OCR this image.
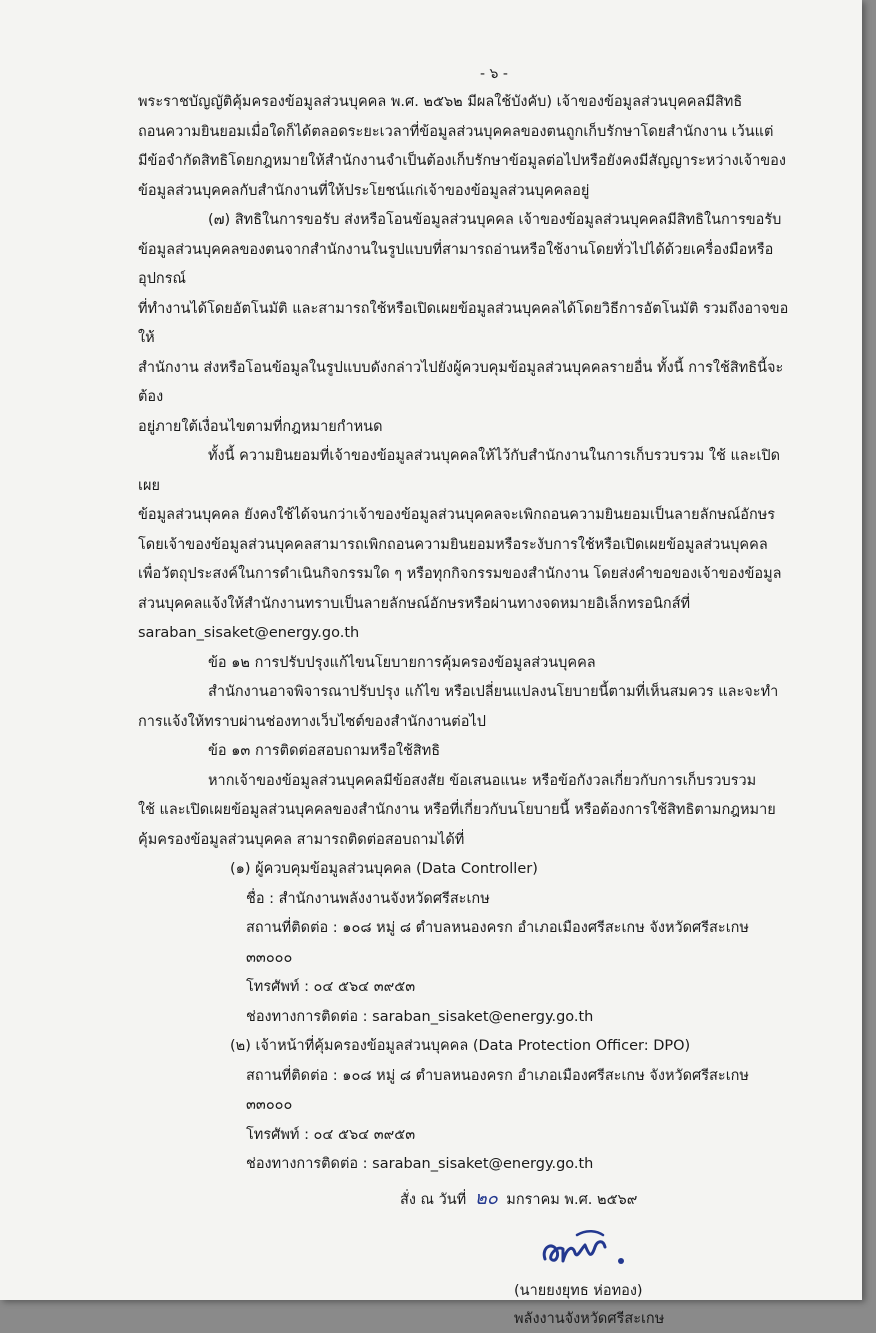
- ๖ -

พระราชบัญญัติคุ้มครองข้อมูลส่วนบุคคล พ.ศ. ๒๕๖๒ มีผลใช้บังคับ) เจ้าของข้อมูลส่วนบุคคลมีสิทธิ

ถอนความยินยอมเมื่อใดก็ได้ตลอดระยะเวลาที่ข้อมูลส่วนบุคคลของตนถูกเก็บรักษาโดยสำนักงาน เว้นแต่

มีข้อจำกัดสิทธิโดยกฎหมายให้สำนักงานจำเป็นต้องเก็บรักษาข้อมูลต่อไปหรือยังคงมีสัญญาระหว่างเจ้าของ

ข้อมูลส่วนบุคคลกับสำนักงานที่ให้ประโยชน์แก่เจ้าของข้อมูลส่วนบุคคลอยู่

(๗) สิทธิในการขอรับ ส่งหรือโอนข้อมูลส่วนบุคคล เจ้าของข้อมูลส่วนบุคคลมีสิทธิในการขอรับ

ข้อมูลส่วนบุคคลของตนจากสำนักงานในรูปแบบที่สามารถอ่านหรือใช้งานโดยทั่วไปได้ด้วยเครื่องมือหรืออุปกรณ์

ที่ทำงานได้โดยอัตโนมัติ และสามารถใช้หรือเปิดเผยข้อมูลส่วนบุคคลได้โดยวิธีการอัตโนมัติ รวมถึงอาจขอให้

สำนักงาน ส่งหรือโอนข้อมูลในรูปแบบดังกล่าวไปยังผู้ควบคุมข้อมูลส่วนบุคคลรายอื่น ทั้งนี้ การใช้สิทธินี้จะต้อง

อยู่ภายใต้เงื่อนไขตามที่กฎหมายกำหนด

ทั้งนี้ ความยินยอมที่เจ้าของข้อมูลส่วนบุคคลให้ไว้กับสำนักงานในการเก็บรวบรวม ใช้ และเปิดเผย

ข้อมูลส่วนบุคคล ยังคงใช้ได้จนกว่าเจ้าของข้อมูลส่วนบุคคลจะเพิกถอนความยินยอมเป็นลายลักษณ์อักษร

โดยเจ้าของข้อมูลส่วนบุคคลสามารถเพิกถอนความยินยอมหรือระงับการใช้หรือเปิดเผยข้อมูลส่วนบุคคล

เพื่อวัตถุประสงค์ในการดำเนินกิจกรรมใด ๆ หรือทุกกิจกรรมของสำนักงาน โดยส่งคำขอของเจ้าของข้อมูล

ส่วนบุคคลแจ้งให้สำนักงานทราบเป็นลายลักษณ์อักษรหรือผ่านทางจดหมายอิเล็กทรอนิกส์ที่

saraban_sisaket@energy.go.th

ข้อ ๑๒ การปรับปรุงแก้ไขนโยบายการคุ้มครองข้อมูลส่วนบุคคล

สำนักงานอาจพิจารณาปรับปรุง แก้ไข หรือเปลี่ยนแปลงนโยบายนี้ตามที่เห็นสมควร และจะทำ

การแจ้งให้ทราบผ่านช่องทางเว็บไซต์ของสำนักงานต่อไป

ข้อ ๑๓ การติดต่อสอบถามหรือใช้สิทธิ

หากเจ้าของข้อมูลส่วนบุคคลมีข้อสงสัย ข้อเสนอแนะ หรือข้อกังวลเกี่ยวกับการเก็บรวบรวม

ใช้ และเปิดเผยข้อมูลส่วนบุคคลของสำนักงาน หรือที่เกี่ยวกับนโยบายนี้ หรือต้องการใช้สิทธิตามกฎหมาย

คุ้มครองข้อมูลส่วนบุคคล สามารถติดต่อสอบถามได้ที่

(๑) ผู้ควบคุมข้อมูลส่วนบุคคล (Data Controller)

ชื่อ : สำนักงานพลังงานจังหวัดศรีสะเกษ

สถานที่ติดต่อ : ๑๐๘ หมู่ ๘ ตำบลหนองครก อำเภอเมืองศรีสะเกษ จังหวัดศรีสะเกษ ๓๓๐๐๐

โทรศัพท์ : ๐๔ ๕๖๔ ๓๙๕๓

ช่องทางการติดต่อ : saraban_sisaket@energy.go.th

(๒) เจ้าหน้าที่คุ้มครองข้อมูลส่วนบุคคล (Data Protection Officer: DPO)

สถานที่ติดต่อ : ๑๐๘ หมู่ ๘ ตำบลหนองครก อำเภอเมืองศรีสะเกษ จังหวัดศรีสะเกษ ๓๓๐๐๐

โทรศัพท์ : ๐๔ ๕๖๔ ๓๙๕๓

ช่องทางการติดต่อ : saraban_sisaket@energy.go.th

สั่ง ณ วันที่ ๒๐ มกราคม พ.ศ. ๒๕๖๙

(นายยงยุทธ ห่อทอง)

พลังงานจังหวัดศรีสะเกษ
